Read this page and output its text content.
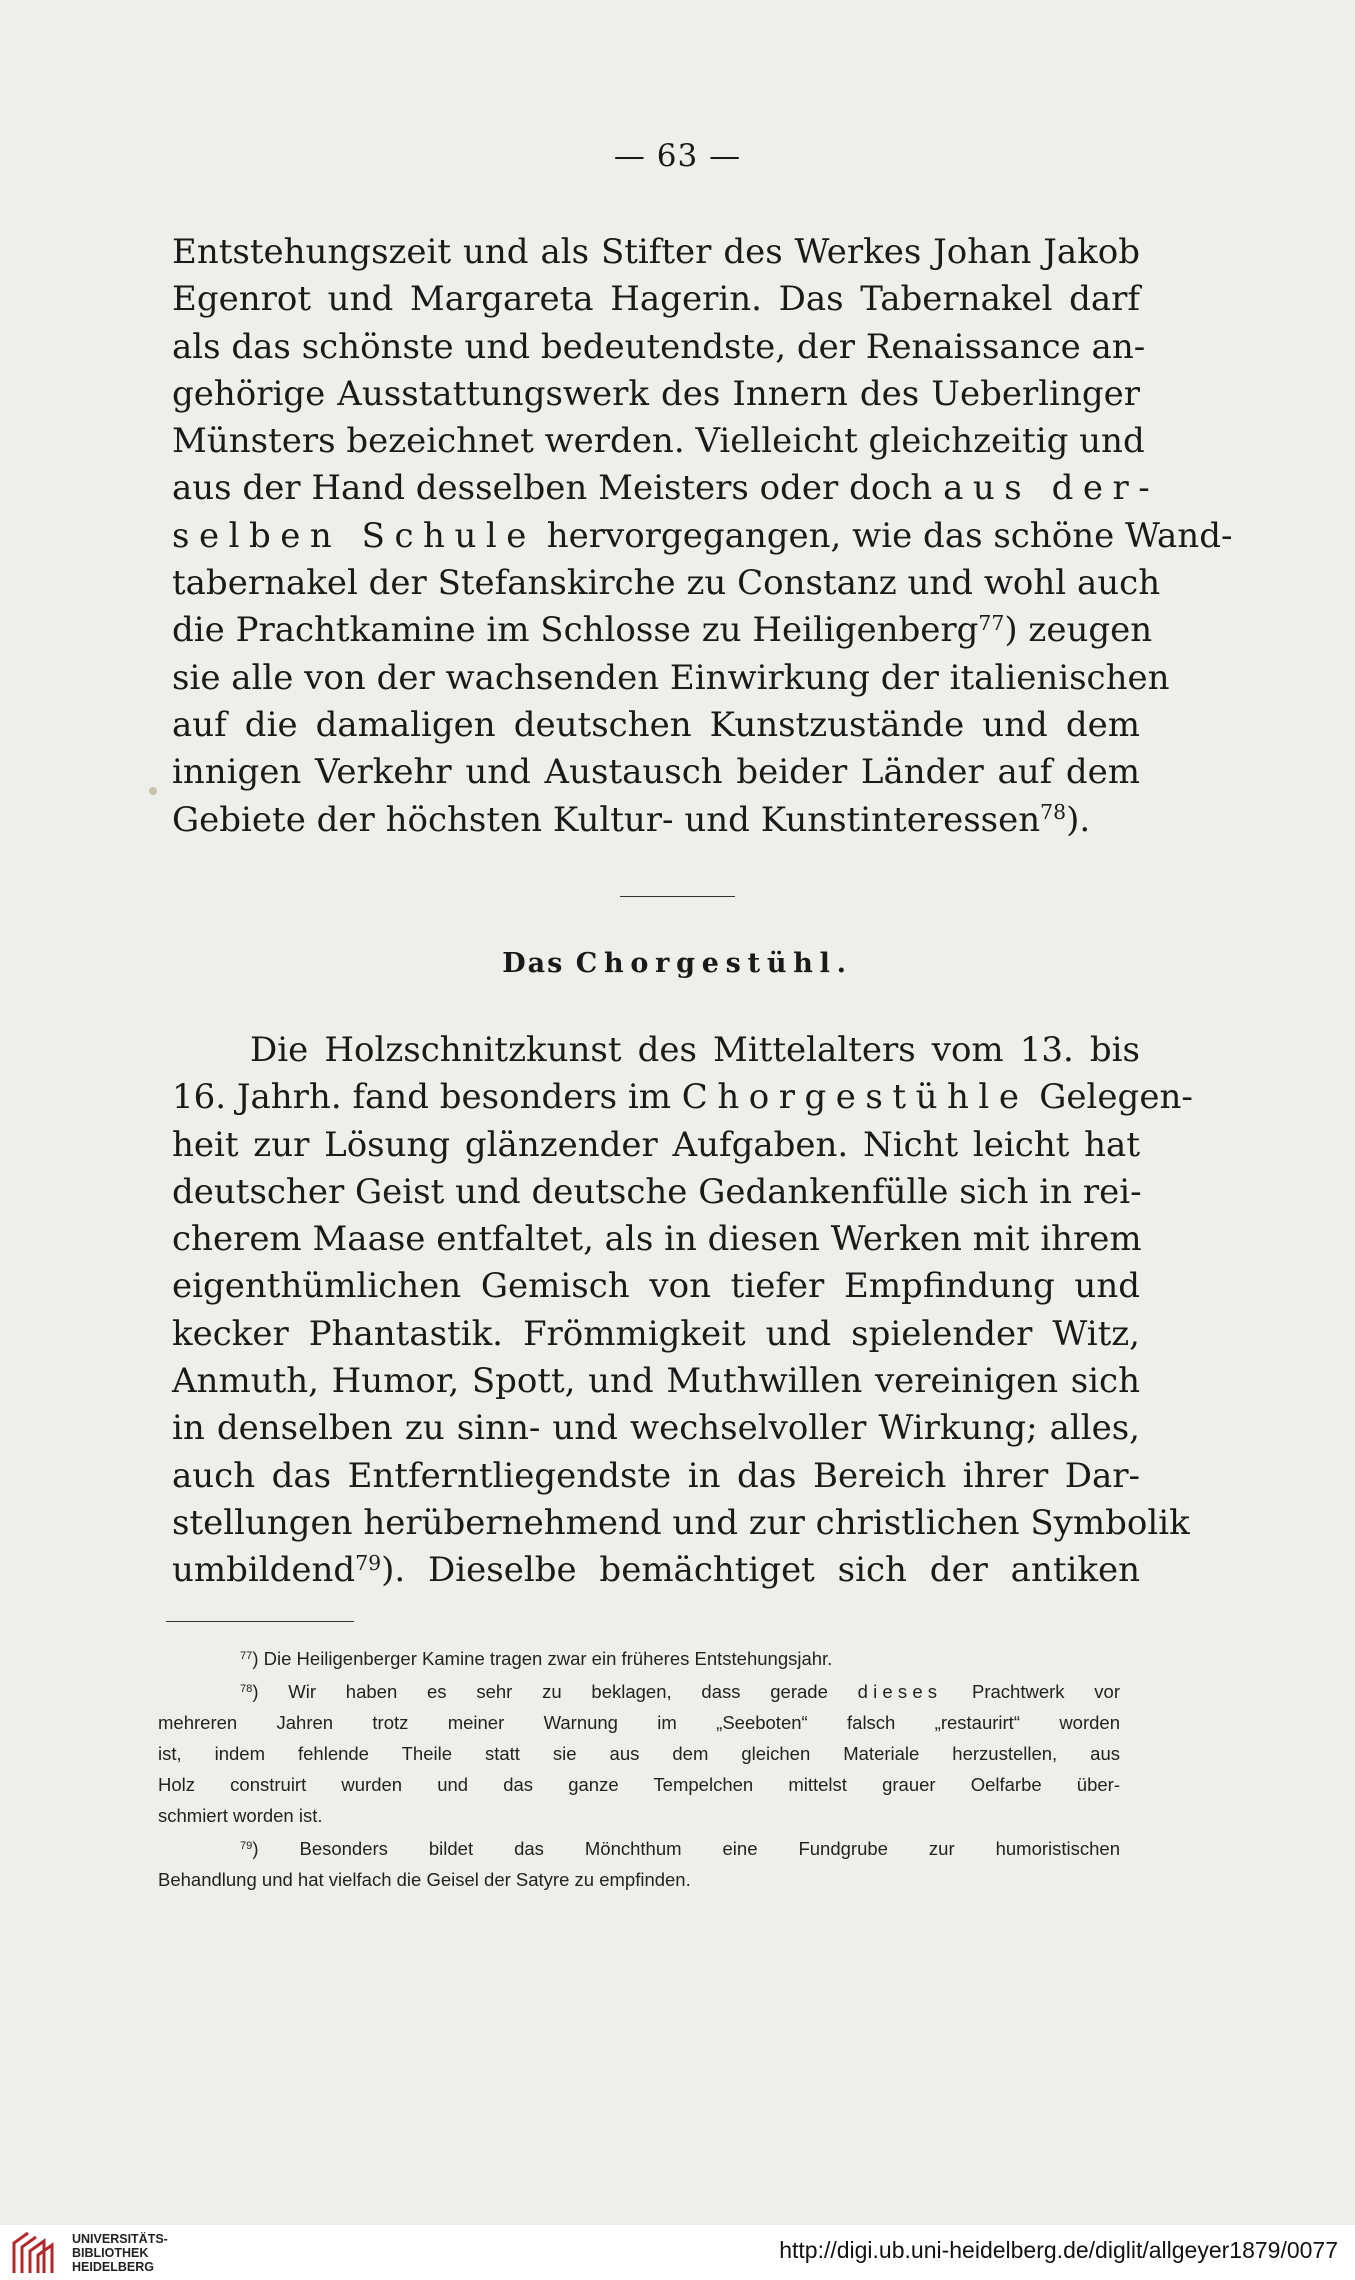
— 63 —
Entstehungszeit und als Stifter des Werkes Johan Jakob
Egenrot und Margareta Hagerin. Das Tabernakel darf
als das schönste und bedeutendste, der Renaissance an-
gehörige Ausstattungswerk des Innern des Ueberlinger
Münsters bezeichnet werden. Vielleicht gleichzeitig und
aus der Hand desselben Meisters oder doch aus der-
selben Schule hervorgegangen, wie das schöne Wand-
tabernakel der Stefanskirche zu Constanz und wohl auch
die Prachtkamine im Schlosse zu Heiligenberg$^{77}$) zeugen
sie alle von der wachsenden Einwirkung der italienischen
auf die damaligen deutschen Kunstzustände und dem
innigen Verkehr und Austausch beider Länder auf dem
Gebiete der höchsten Kultur- und Kunstinteressen$^{78}$).
Das Chorgestühl.
Die Holzschnitzkunst des Mittelalters vom 13. bis
16. Jahrh. fand besonders im Chorgestühle Gelegen-
heit zur Lösung glänzender Aufgaben. Nicht leicht hat
deutscher Geist und deutsche Gedankenfülle sich in rei-
cherem Maase entfaltet, als in diesen Werken mit ihrem
eigenthümlichen Gemisch von tiefer Empfindung und
kecker Phantastik. Frömmigkeit und spielender Witz,
Anmuth, Humor, Spott, und Muthwillen vereinigen sich
in denselben zu sinn- und wechselvoller Wirkung; alles,
auch das Entferntliegendste in das Bereich ihrer Dar-
stellungen herübernehmend und zur christlichen Symbolik
umbildend$^{79}$). Dieselbe bemächtiget sich der antiken
$^{77}$) Die Heiligenberger Kamine tragen zwar ein früheres Entstehungsjahr.
$^{78}$) Wir haben es sehr zu beklagen, dass gerade dieses Prachtwerk vor
mehreren Jahren trotz meiner Warnung im „Seeboten“ falsch „restaurirt“ worden
ist, indem fehlende Theile statt sie aus dem gleichen Materiale herzustellen, aus
Holz construirt wurden und das ganze Tempelchen mittelst grauer Oelfarbe über-
schmiert worden ist.
$^{79}$) Besonders bildet das Mönchthum eine Fundgrube zur humoristischen
Behandlung und hat vielfach die Geisel der Satyre zu empfinden.
UNIVERSITÄTS-
BIBLIOTHEK
HEIDELBERG
http://digi.ub.uni-heidelberg.de/diglit/allgeyer1879/0077
